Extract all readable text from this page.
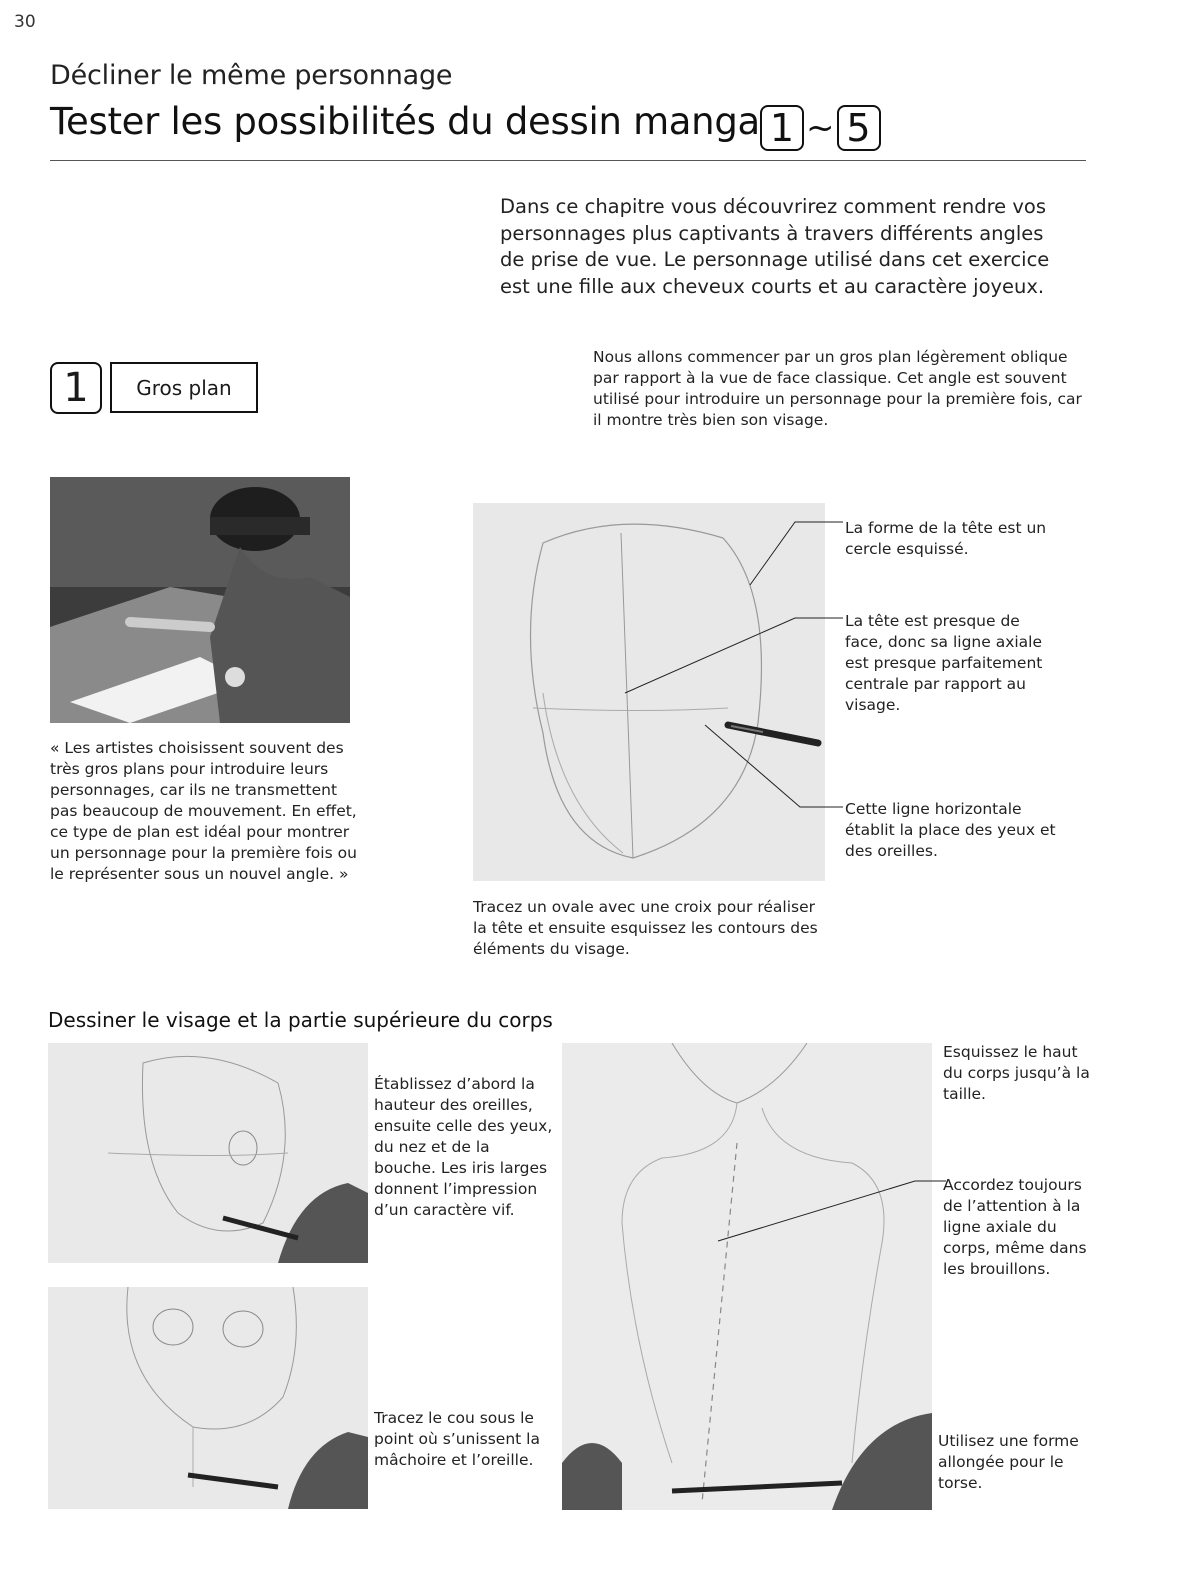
30
Décliner le même personnage
Tester les possibilités du dessin manga 1 ~ 5
Dans ce chapitre vous découvrirez comment rendre vos personnages plus captivants à travers différents angles de prise de vue. Le personnage utilisé dans cet exercice est une fille aux cheveux courts et au caractère joyeux.
1	Gros plan
Nous allons commencer par un gros plan légèrement oblique par rapport à la vue de face classique. Cet angle est souvent utilisé pour introduire un personnage pour la première fois, car il montre très bien son visage.
« Les artistes choisissent souvent des très gros plans pour introduire leurs personnages, car ils ne transmettent pas beaucoup de mouvement. En effet, ce type de plan est idéal pour montrer un personnage pour la première fois ou le représenter sous un nouvel angle. »
Tracez un ovale avec une croix pour réaliser la tête et ensuite esquissez les contours des éléments du visage.
La forme de la tête est un cercle esquissé.
La tête est presque de face, donc sa ligne axiale est presque parfaitement centrale par rapport au visage.
Cette ligne horizontale établit la place des yeux et des oreilles.
Dessiner le visage et la partie supérieure du corps
Établissez d’abord la hauteur des oreilles, ensuite celle des yeux, du nez et de la bouche. Les iris larges donnent l’impression d’un caractère vif.
Tracez le cou sous le point où s’unissent la mâchoire et l’oreille.
Esquissez le haut du corps jusqu’à la taille.
Accordez toujours de l’attention à la ligne axiale du corps, même dans les brouillons.
Utilisez une forme allongée pour le torse.
